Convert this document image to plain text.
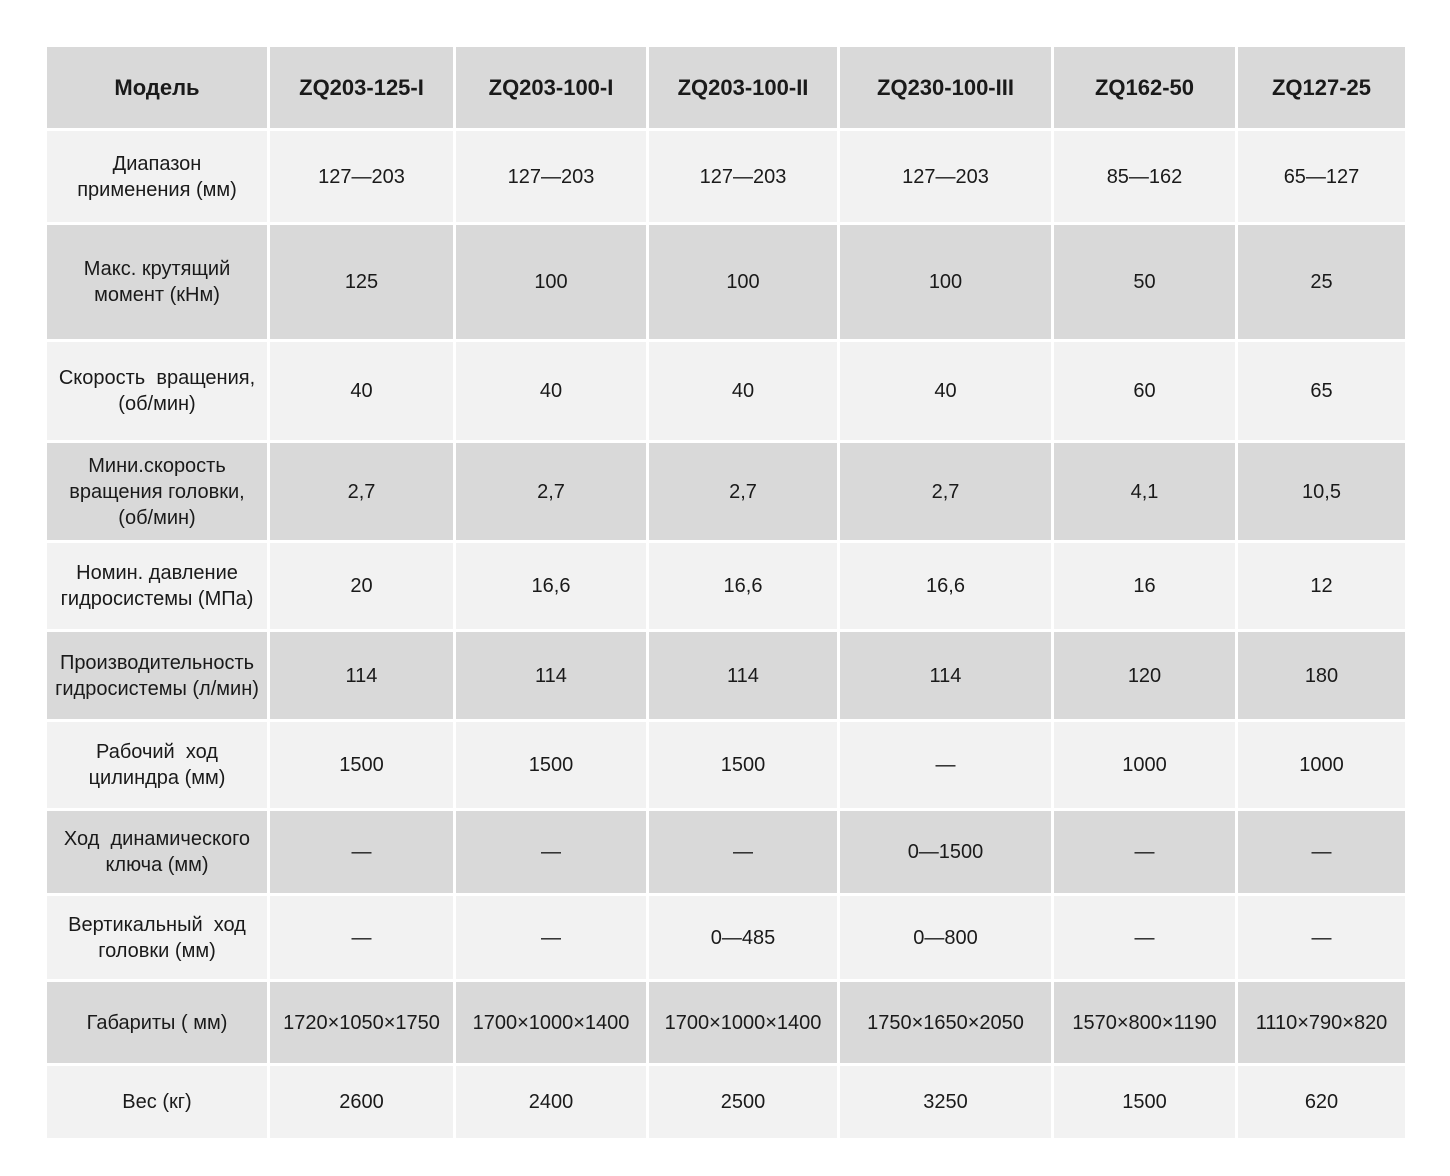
Модель	ZQ203-125-I	ZQ203-100-I	ZQ203-100-II	ZQ230-100-III	ZQ162-50	ZQ127-25
Диапазон
применения (мм)	127—203	127—203	127—203	127—203	85—162	65—127
Макс. крутящий
момент (кНм)	125	100	100	100	50	25
Скорость  вращения,
(об/мин)	40	40	40	40	60	65
Мини.скорость
вращения головки,
(об/мин)	2,7	2,7	2,7	2,7	4,1	10,5
Номин. давление
гидросистемы (МПа)	20	16,6	16,6	16,6	16	12
Производительность
гидросистемы (л/мин)	114	114	114	114	120	180
Рабочий  ход
цилиндра (мм)	1500	1500	1500	—	1000	1000
Ход  динамического
ключа (мм)	—	—	—	0—1500	—	—
Вертикальный  ход
головки (мм)	—	—	0—485	0—800	—	—
Габариты ( мм)	1720×1050×1750	1700×1000×1400	1700×1000×1400	1750×1650×2050	1570×800×1190	1110×790×820
Вес (кг)	2600	2400	2500	3250	1500	620
